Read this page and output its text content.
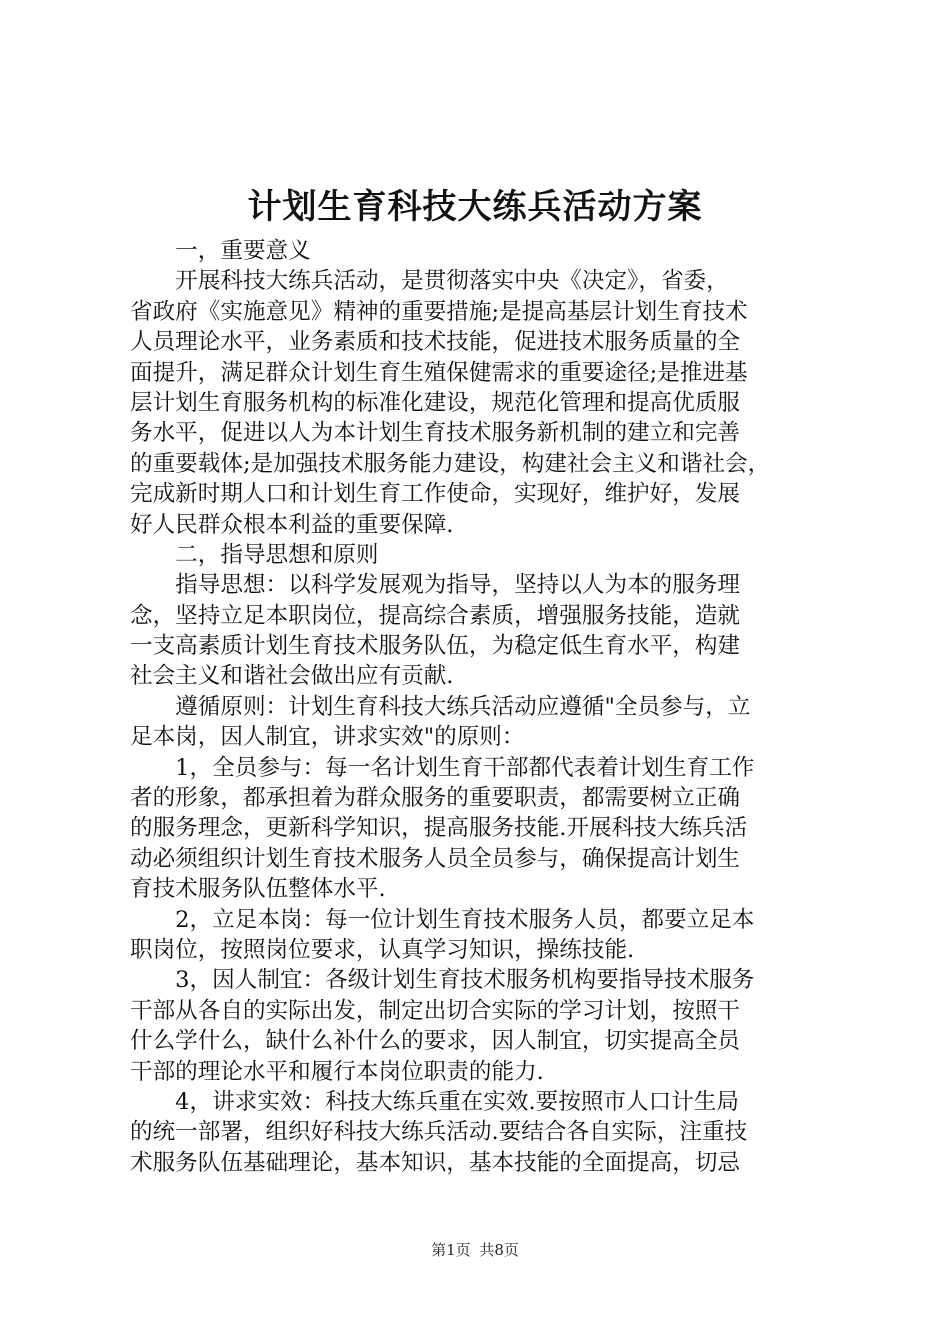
计划生育科技大练兵活动方案
　　一，重要意义
　　开展科技大练兵活动，是贯彻落实中央《决定》，省委，
省政府《实施意见》精神的重要措施;是提高基层计划生育技术
人员理论水平，业务素质和技术技能，促进技术服务质量的全
面提升，满足群众计划生育生殖保健需求的重要途径;是推进基
层计划生育服务机构的标准化建设，规范化管理和提高优质服
务水平，促进以人为本计划生育技术服务新机制的建立和完善
的重要载体;是加强技术服务能力建设，构建社会主义和谐社会，
完成新时期人口和计划生育工作使命，实现好，维护好，发展
好人民群众根本利益的重要保障.
　　二，指导思想和原则
　　指导思想：以科学发展观为指导，坚持以人为本的服务理
念，坚持立足本职岗位，提高综合素质，增强服务技能，造就
一支高素质计划生育技术服务队伍，为稳定低生育水平，构建
社会主义和谐社会做出应有贡献.
　　遵循原则：计划生育科技大练兵活动应遵循"全员参与，立
足本岗，因人制宜，讲求实效"的原则：
　　1，全员参与：每一名计划生育干部都代表着计划生育工作
者的形象，都承担着为群众服务的重要职责，都需要树立正确
的服务理念，更新科学知识，提高服务技能.开展科技大练兵活
动必须组织计划生育技术服务人员全员参与，确保提高计划生
育技术服务队伍整体水平.
　　2，立足本岗：每一位计划生育技术服务人员，都要立足本
职岗位，按照岗位要求，认真学习知识，操练技能.
　　3，因人制宜：各级计划生育技术服务机构要指导技术服务
干部从各自的实际出发，制定出切合实际的学习计划，按照干
什么学什么，缺什么补什么的要求，因人制宜，切实提高全员
干部的理论水平和履行本岗位职责的能力.
　　4，讲求实效：科技大练兵重在实效.要按照市人口计生局
的统一部署，组织好科技大练兵活动.要结合各自实际，注重技
术服务队伍基础理论，基本知识，基本技能的全面提高，切忌
第1页 共8页
